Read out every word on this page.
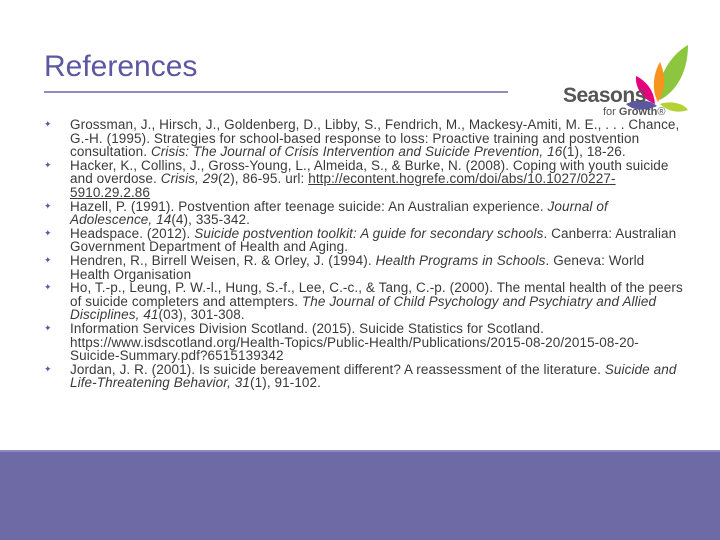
References
Seasons
for Growth®
✦ Grossman, J., Hirsch, J., Goldenberg, D., Libby, S., Fendrich, M., Mackesy-Amiti, M. E., . . . Chance, G.-H. (1995). Strategies for school-based response to loss: Proactive training and postvention consultation. Crisis: The Journal of Crisis Intervention and Suicide Prevention, 16(1), 18-26.
✦ Hacker, K., Collins, J., Gross-Young, L., Almeida, S., & Burke, N. (2008). Coping with youth suicide and overdose. Crisis, 29(2), 86-95. url: http://econtent.hogrefe.com/doi/abs/10.1027/0227-5910.29.2.86
✦ Hazell, P. (1991). Postvention after teenage suicide: An Australian experience. Journal of Adolescence, 14(4), 335-342.
✦ Headspace. (2012). Suicide postvention toolkit: A guide for secondary schools. Canberra: Australian Government Department of Health and Aging.
✦ Hendren, R., Birrell Weisen, R. & Orley, J. (1994). Health Programs in Schools. Geneva: World Health Organisation
✦ Ho, T.-p., Leung, P. W.-l., Hung, S.-f., Lee, C.-c., & Tang, C.-p. (2000). The mental health of the peers of suicide completers and attempters. The Journal of Child Psychology and Psychiatry and Allied Disciplines, 41(03), 301-308.
✦ Information Services Division Scotland. (2015). Suicide Statistics for Scotland. https://www.isdscotland.org/Health-Topics/Public-Health/Publications/2015-08-20/2015-08-20-Suicide-Summary.pdf?6515139342
✦ Jordan, J. R. (2001). Is suicide bereavement different? A reassessment of the literature. Suicide and Life-Threatening Behavior, 31(1), 91-102.
